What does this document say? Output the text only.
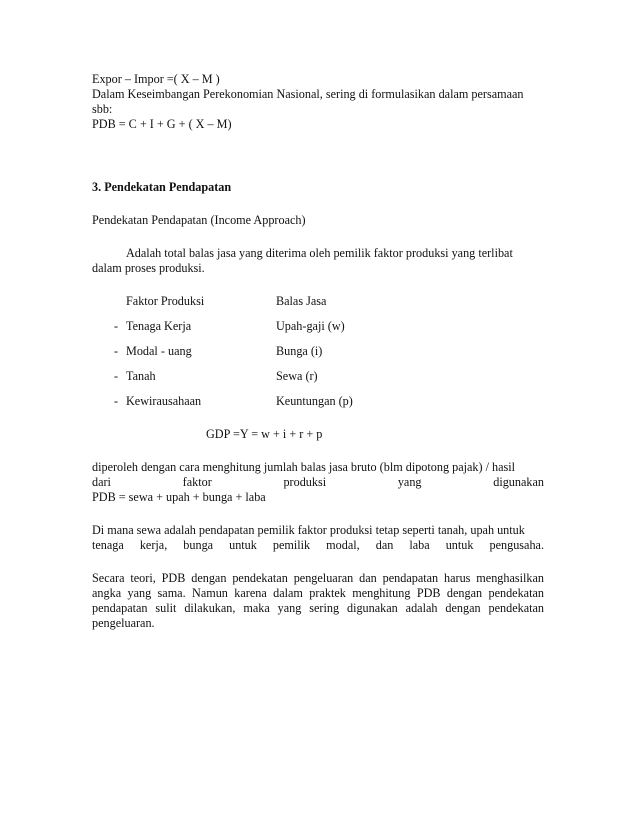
Expor – Impor =( X – M )
Dalam Keseimbangan Perekonomian Nasional, sering di formulasikan dalam persamaan
sbb:
PDB = C + I + G + ( X – M)
3. Pendekatan Pendapatan
Pendekatan Pendapatan (Income Approach)
Adalah total balas jasa yang diterima oleh pemilik faktor produksi yang terlibat
dalam proses produksi.
Faktor Produksi	Balas Jasa
- Tenaga Kerja	Upah-gaji (w)
- Modal - uang	Bunga (i)
- Tanah	Sewa (r)
- Kewirausahaan	Keuntungan (p)
GDP =Y = w + i + r + p
diperoleh dengan cara menghitung jumlah balas jasa bruto (blm dipotong pajak) / hasil
dari faktor produksi yang digunakan
PDB = sewa + upah + bunga + laba
Di mana sewa adalah pendapatan pemilik faktor produksi tetap seperti tanah, upah untuk
tenaga kerja, bunga untuk pemilik modal, dan laba untuk pengusaha.
Secara teori, PDB dengan pendekatan pengeluaran dan pendapatan harus menghasilkan angka yang sama. Namun karena dalam praktek menghitung PDB dengan pendekatan pendapatan sulit dilakukan, maka yang sering digunakan adalah dengan pendekatan pengeluaran.
